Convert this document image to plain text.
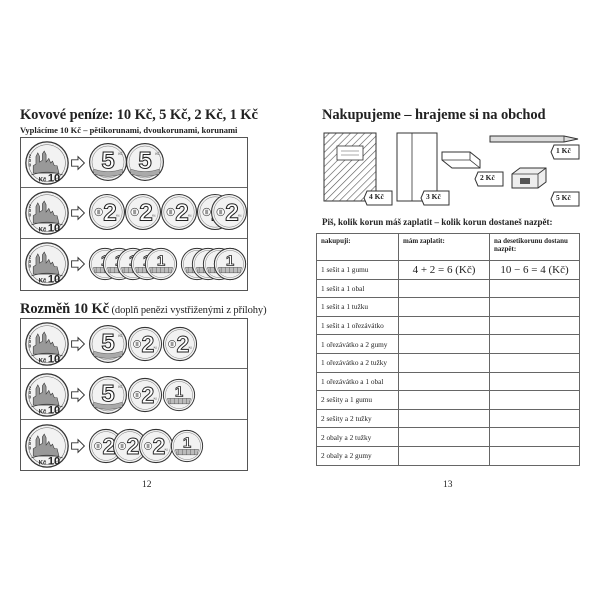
Kovové peníze: 10 Kč, 5 Kč, 2 Kč, 1 Kč
Vyplácíme 10 Kč – pětikorunami, dvoukorunami, korunami
Rozměň 10 Kč (doplň penězi vystřiženými z přílohy)
12
Nakupujeme – hrajeme si na obchod
4 Kč	3 Kč
2 Kč
1 Kč
5 Kč
Piš, kolik korun máš zaplatit – kolik korun dostaneš nazpět:
nakupuji:	mám zaplatit:	na desetikorunu dostanu nazpět:
1 sešit a 1 gumu	4 + 2 = 6 (Kč)	10 − 6 = 4 (Kč)
1 sešit a 1 obal		
1 sešit a 1 tužku		
1 sešit a 1 ořezávátko		
1 ořezávátko a 2 gumy		
1 ořezávátko a 2 tužky		
1 ořezávátko a 1 obal		
2 sešity a 1 gumu		
2 sešity a 2 tužky		
2 obaly a 2 tužky		
2 obaly a 2 gumy		
13
